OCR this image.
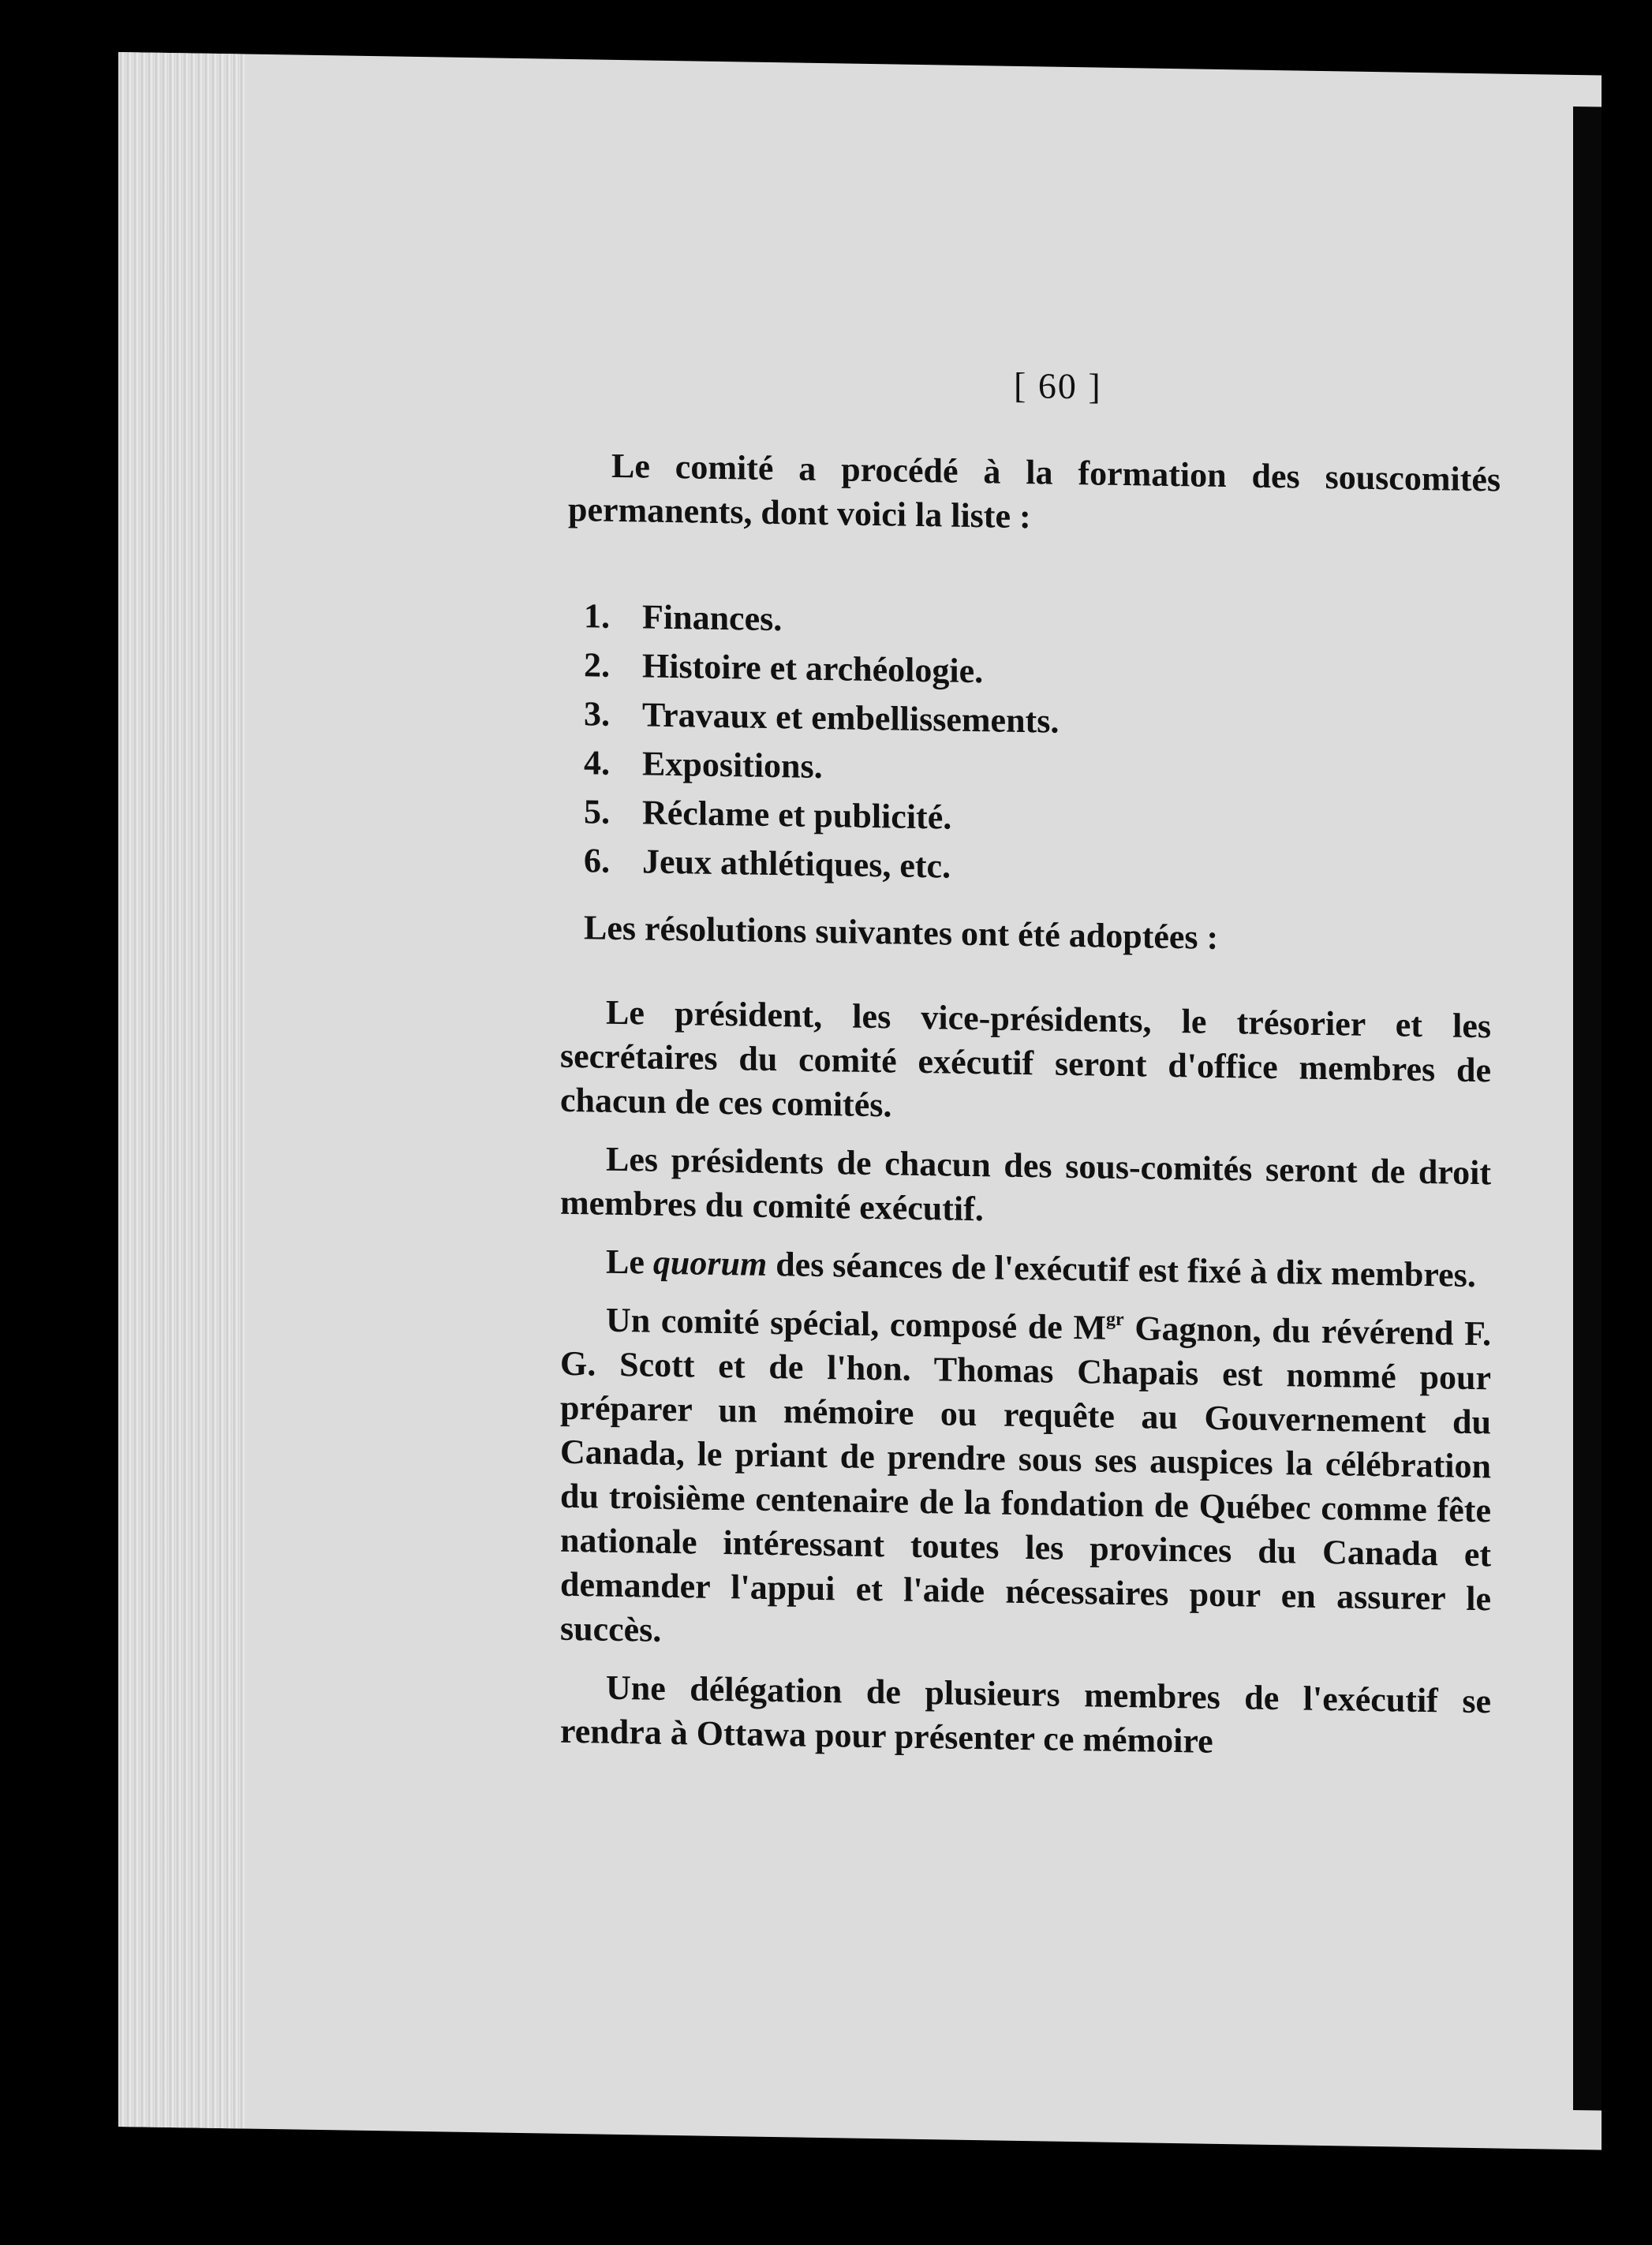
[ 60 ]

Le comité a procédé à la formation des souscomités permanents, dont voici la liste :

1. Finances.
2. Histoire et archéologie.
3. Travaux et embellissements.
4. Expositions.
5. Réclame et publicité.
6. Jeux athlétiques, etc.
Les résolutions suivantes ont été adoptées :

Le président, les vice-présidents, le trésorier et les secrétaires du comité exécutif seront d'office membres de chacun de ces comités.

Les présidents de chacun des sous-comités seront de droit membres du comité exécutif.

Le quorum des séances de l'exécutif est fixé à dix membres.

Un comité spécial, composé de $M^{gr}$ Gagnon, du révérend F. G. Scott et de l'hon. Thomas Chapais est nommé pour préparer un mémoire ou requête au Gouvernement du Canada, le priant de prendre sous ses auspices la célébration du troisième centenaire de la fondation de Québec comme fête nationale intéressant toutes les provinces du Canada et demander l'appui et l'aide nécessaires pour en assurer le succès.

Une délégation de plusieurs membres de l'exécutif se rendra à Ottawa pour présenter ce mémoire
